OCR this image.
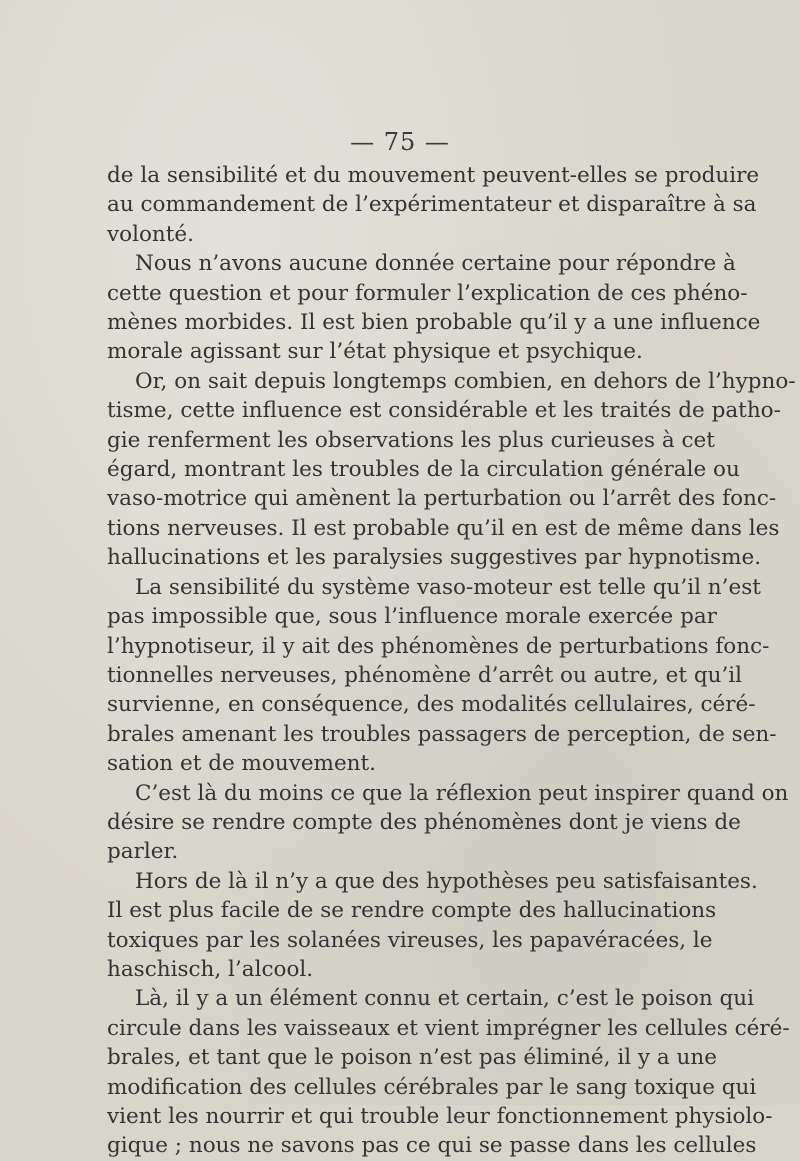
— 75 —

de la sensibilité et du mouvement peuvent-elles se produire
au commandement de l’expérimentateur et disparaître à sa
volonté.

Nous n’avons aucune donnée certaine pour répondre à
cette question et pour formuler l’explication de ces phéno-
mènes morbides. Il est bien probable qu’il y a une influence
morale agissant sur l’état physique et psychique.

Or, on sait depuis longtemps combien, en dehors de l’hypno-
tisme, cette influence est considérable et les traités de patho-
gie renferment les observations les plus curieuses à cet
égard, montrant les troubles de la circulation générale ou
vaso-motrice qui amènent la perturbation ou l’arrêt des fonc-
tions nerveuses. Il est probable qu’il en est de même dans les
hallucinations et les paralysies suggestives par hypnotisme.

La sensibilité du système vaso-moteur est telle qu’il n’est
pas impossible que, sous l’influence morale exercée par
l’hypnotiseur, il y ait des phénomènes de perturbations fonc-
tionnelles nerveuses, phénomène d’arrêt ou autre, et qu’il
survienne, en conséquence, des modalités cellulaires, céré-
brales amenant les troubles passagers de perception, de sen-
sation et de mouvement.

C’est là du moins ce que la réflexion peut inspirer quand on
désire se rendre compte des phénomènes dont je viens de
parler.

Hors de là il n’y a que des hypothèses peu satisfaisantes.

Il est plus facile de se rendre compte des hallucinations
toxiques par les solanées vireuses, les papavéracées, le
haschisch, l’alcool.

Là, il y a un élément connu et certain, c’est le poison qui
circule dans les vaisseaux et vient imprégner les cellules céré-
brales, et tant que le poison n’est pas éliminé, il y a une
modification des cellules cérébrales par le sang toxique qui
vient les nourrir et qui trouble leur fonctionnement physiolo-
gique ; nous ne savons pas ce qui se passe dans les cellules
